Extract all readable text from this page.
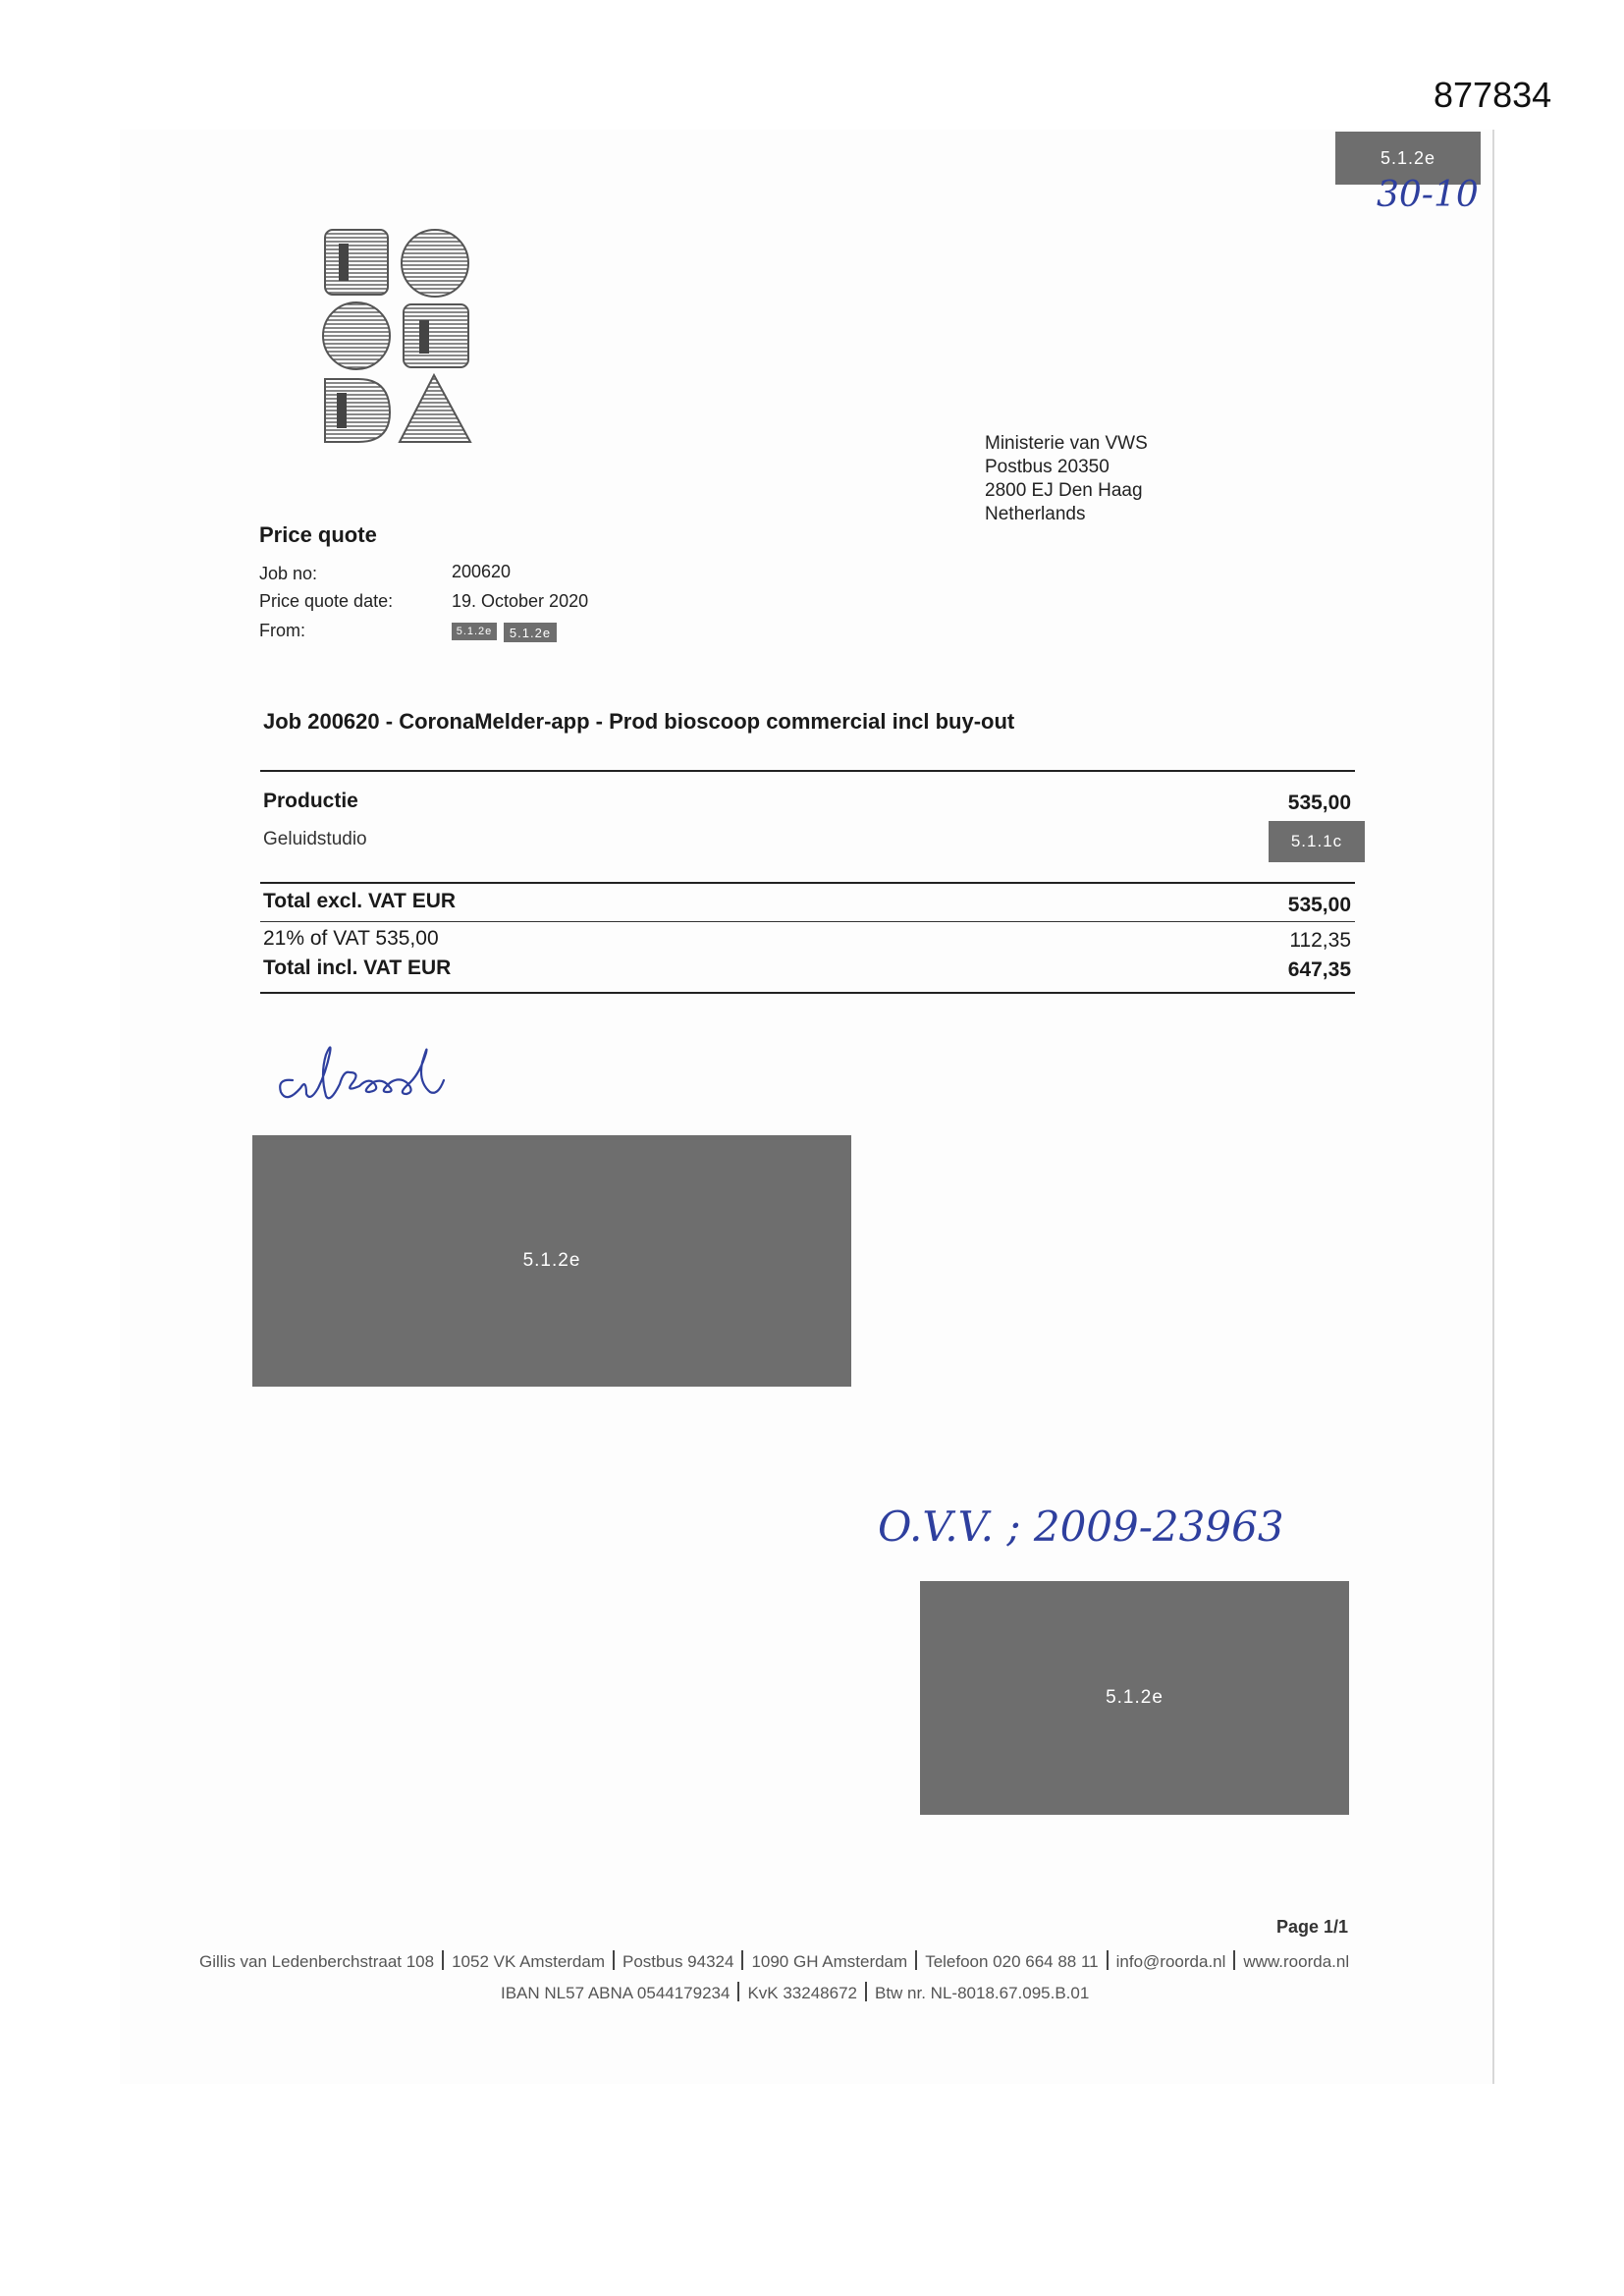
877834
5.1.2e
30-10
Ministerie van VWS
Postbus 20350
2800 EJ Den Haag
Netherlands
Price quote
Job no:	200620
Price quote date:	19. October 2020
From:	5.1.2e	5.1.2e
Job 200620 - CoronaMelder-app - Prod bioscoop commercial incl buy-out
Productie	535,00
Geluidstudio	5.1.1c
Total excl. VAT EUR	535,00
21% of VAT 535,00	112,35
Total incl. VAT EUR	647,35
5.1.2e
O.V.V. ; 2009-23963
5.1.2e
Page 1/1
Gillis van Ledenberchstraat 108 1052 VK Amsterdam Postbus 94324 1090 GH Amsterdam Telefoon 020 664 88 11 info@roorda.nl www.roorda.nl
IBAN NL57 ABNA 0544179234 KvK 33248672 Btw nr. NL-8018.67.095.B.01
